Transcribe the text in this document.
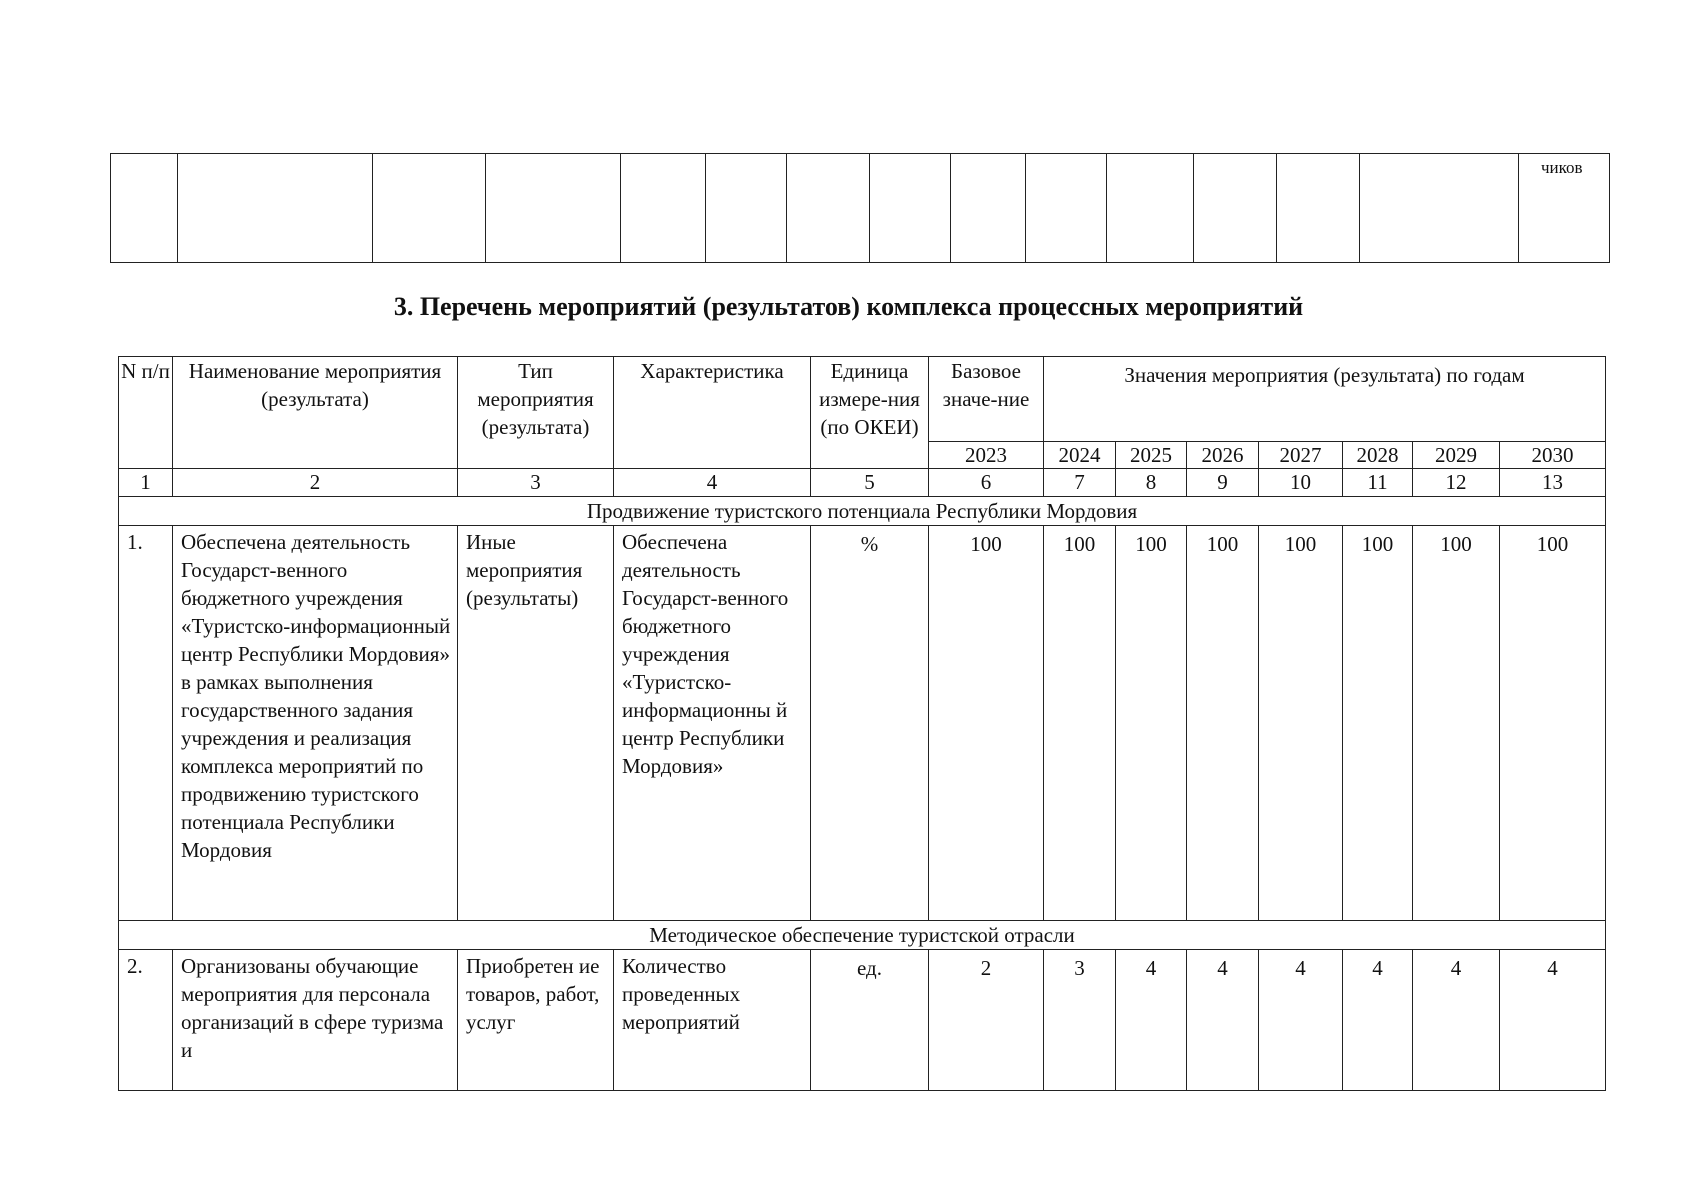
														чиков
3. Перечень мероприятий (результатов) комплекса процессных мероприятий
N п/п	Наименование мероприятия (результата)	Тип мероприятия (результата)	Характеристика	Единица измере-ния (по ОКЕИ)	Базовое значе-ние	Значения мероприятия (результата) по годам						
					2023	2024	2025	2026	2027	2028	2029	2030
1	2	3	4	5	6	7	8	9	10	11	12	13
Продвижение туристского потенциала Республики Мордовия												
1.	Обеспечена деятельность Государст-венного бюджетного учреждения «Туристско-информационный центр Республики Мордовия» в рамках выполнения государственного задания учреждения и реализация комплекса мероприятий по продвижению туристского потенциала Республики Мордовия	Иные мероприятия (результаты)	Обеспечена деятельность Государст-венного бюджетного учреждения «Туристско-информационны й центр Республики Мордовия»	%	100	100	100	100	100	100	100	100
Методическое обеспечение туристской отрасли												
2.	Организованы обучающие мероприятия для персонала организаций в сфере туризма и	Приобретен ие товаров, работ, услуг	Количество проведенных мероприятий	ед.	2	3	4	4	4	4	4	4
